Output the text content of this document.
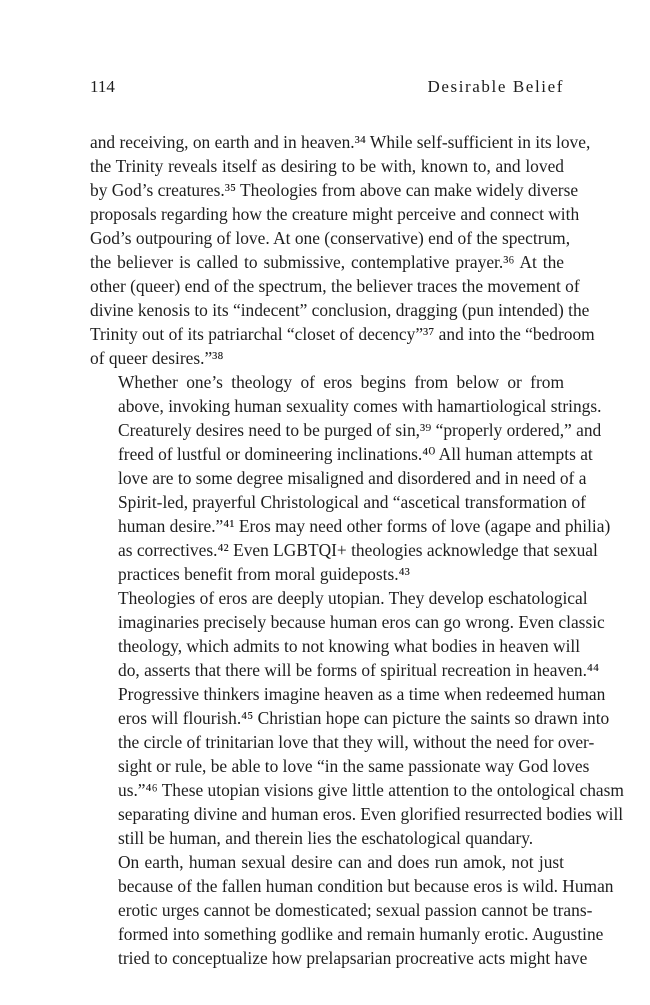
114	Desirable Belief

and receiving, on earth and in heaven.³⁴ While self-sufficient in its love,
the Trinity reveals itself as desiring to be with, known to, and loved
by God’s creatures.³⁵ Theologies from above can make widely diverse
proposals regarding how the creature might perceive and connect with
God’s outpouring of love. At one (conservative) end of the spectrum,
the believer is called to submissive, contemplative prayer.³⁶ At the
other (queer) end of the spectrum, the believer traces the movement of
divine kenosis to its “indecent” conclusion, dragging (pun intended) the
Trinity out of its patriarchal “closet of decency”³⁷ and into the “bedroom
of queer desires.”³⁸

Whether one’s theology of eros begins from below or from
above, invoking human sexuality comes with hamartiological strings.
Creaturely desires need to be purged of sin,³⁹ “properly ordered,” and
freed of lustful or domineering inclinations.⁴⁰ All human attempts at
love are to some degree misaligned and disordered and in need of a
Spirit-led, prayerful Christological and “ascetical transformation of
human desire.”⁴¹ Eros may need other forms of love (agape and philia)
as correctives.⁴² Even LGBTQI+ theologies acknowledge that sexual
practices benefit from moral guideposts.⁴³

Theologies of eros are deeply utopian. They develop eschatological
imaginaries precisely because human eros can go wrong. Even classic
theology, which admits to not knowing what bodies in heaven will
do, asserts that there will be forms of spiritual recreation in heaven.⁴⁴
Progressive thinkers imagine heaven as a time when redeemed human
eros will flourish.⁴⁵ Christian hope can picture the saints so drawn into
the circle of trinitarian love that they will, without the need for over-
sight or rule, be able to love “in the same passionate way God loves
us.”⁴⁶ These utopian visions give little attention to the ontological chasm
separating divine and human eros. Even glorified resurrected bodies will
still be human, and therein lies the eschatological quandary.

On earth, human sexual desire can and does run amok, not just
because of the fallen human condition but because eros is wild. Human
erotic urges cannot be domesticated; sexual passion cannot be trans-
formed into something godlike and remain humanly erotic. Augustine
tried to conceptualize how prelapsarian procreative acts might have
